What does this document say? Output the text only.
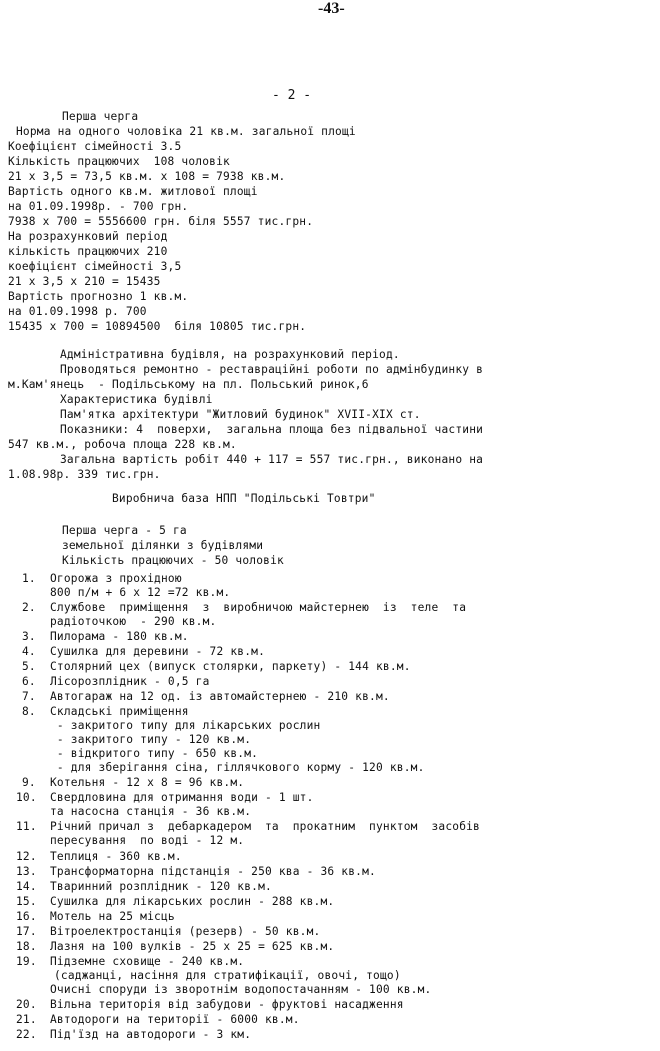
-43-
- 2 -
Перша черга
Норма на одного чоловіка 21 кв.м. загальної площі
Коефіцієнт сімейності 3.5
Кількість працюючих  108 чоловік
21 х 3,5 = 73,5 кв.м. х 108 = 7938 кв.м.
Вартість одного кв.м. житлової площі
на 01.09.1998р. - 700 грн.
7938 х 700 = 5556600 грн. біля 5557 тис.грн.
На розрахунковий період
кількість працюючих 210
коефіцієнт сімейності 3,5
21 х 3,5 х 210 = 15435
Вартість прогнозно 1 кв.м.
на 01.09.1998 р. 700
15435 х 700 = 10894500  біля 10805 тис.грн.
Адміністративна будівля, на розрахунковий період.
Проводяться ремонтно - реставраційні роботи по адмінбудинку в
м.Кам'янець  - Подільському на пл. Польський ринок,6
Характеристика будівлі
Пам'ятка архітектури "Житловий будинок" XVII-XIX ст.
Показники: 4  поверхи,  загальна площа без підвальної частини
547 кв.м., робоча площа 228 кв.м.
Загальна вартість робіт 440 + 117 = 557 тис.грн., виконано на
1.08.98р. 339 тис.грн.
Виробнича база НПП "Подільські Товтри"
Перша черга - 5 га
земельної ділянки з будівлями
Кількість працюючих - 50 чоловік
1. Огорожа з прохідною
800 п/м + 6 х 12 =72 кв.м.
2. Службове  приміщення  з  виробничою майстернею  із  теле  та
радіоточкою  - 290 кв.м.
3. Пилорама - 180 кв.м.
4. Сушилка для деревини - 72 кв.м.
5. Столярний цех (випуск столярки, паркету) - 144 кв.м.
6. Лісорозплідник - 0,5 га
7. Автогараж на 12 од. із автомайстернею - 210 кв.м.
8. Складські приміщення
- закритого типу для лікарських рослин
- закритого типу - 120 кв.м.
- відкритого типу - 650 кв.м.
- для зберігання сіна, гіллячкового корму - 120 кв.м.
9. Котельня - 12 х 8 = 96 кв.м.
10. Свердловина для отримання води - 1 шт.
та насосна станція - 36 кв.м.
11. Річний причал з  дебаркадером  та  прокатним  пунктом  засобів
пересування  по воді - 12 м.
12. Теплиця - 360 кв.м.
13. Трансформаторна підстанція - 250 ква - 36 кв.м.
14. Тваринний розплідник - 120 кв.м.
15. Сушилка для лікарських рослин - 288 кв.м.
16. Мотель на 25 місць
17. Вітроелектростанція (резерв) - 50 кв.м.
18. Лазня на 100 вулків - 25 х 25 = 625 кв.м.
19. Підземне сховище - 240 кв.м.
(саджанці, насіння для стратифікації, овочі, тощо)
Очисні споруди із зворотнім водопостачанням - 100 кв.м.
20. Вільна територія від забудови - фруктові насадження
21. Автодороги на території - 6000 кв.м.
22. Під'їзд на автодороги - 3 км.
